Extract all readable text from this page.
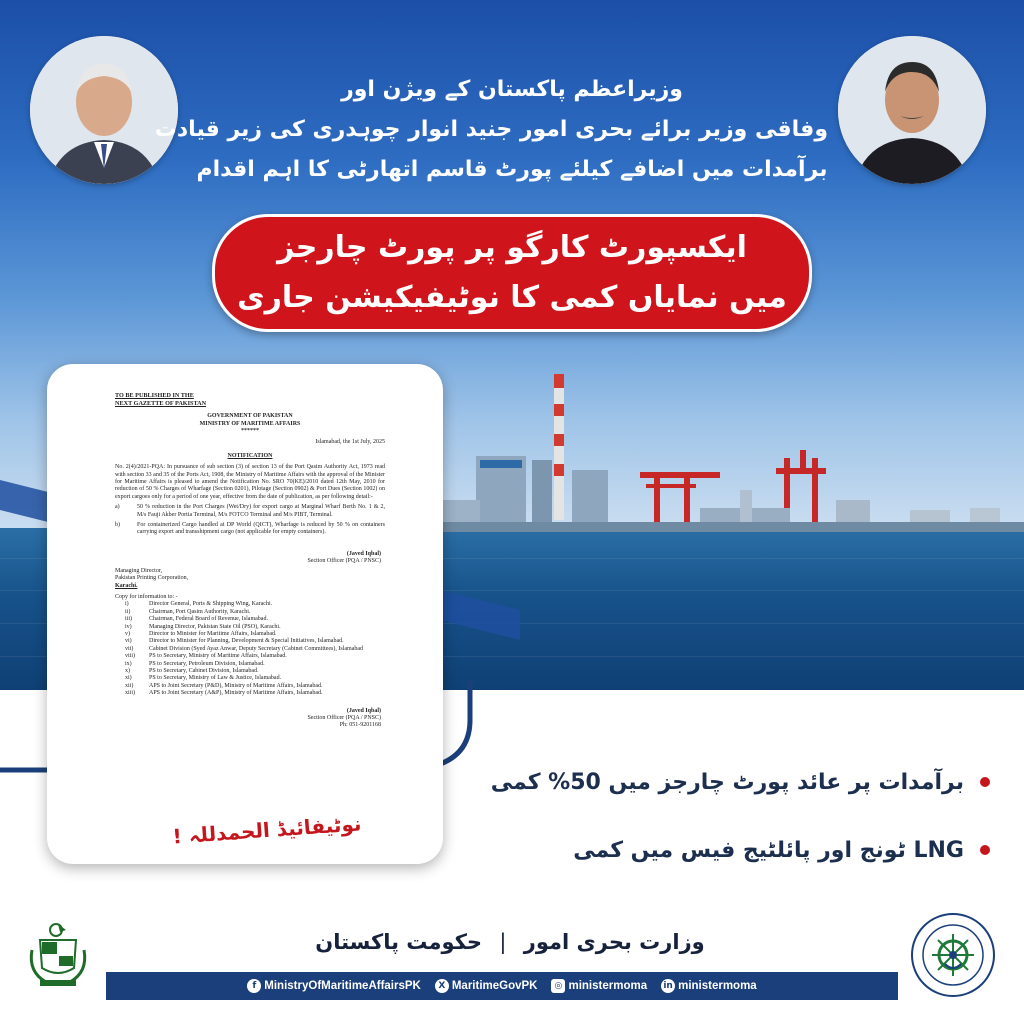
وزیراعظم پاکستان کے ویژن اور
وفاقی وزیر برائے بحری امور جنید انوار چوہدری کی زیر قیادت
برآمدات میں اضافے کیلئے پورٹ قاسم اتھارٹی کا اہم اقدام
ایکسپورٹ کارگو پر پورٹ چارجز
میں نمایاں کمی کا نوٹیفیکیشن جاری
TO BE PUBLISHED IN THE
NEXT GAZETTE OF PAKISTAN
GOVERNMENT OF PAKISTAN
MINISTRY OF MARITIME AFFAIRS
******
Islamabad, the 1st July, 2025
NOTIFICATION

No. 2(4)/2021-PQA: In pursuance of sub section (3) of section 13 of the Port Qasim Authority Act, 1973 read with section 33 and 35 of the Ports Act, 1908, the Ministry of Maritime Affairs with the approval of the Minister for Maritime Affairs is pleased to amend the Notification No. SRO 70(KE)/2010 dated 12th May, 2010 for reduction of 50 % Charges of Wharfage (Section 0201), Pilotage (Section 0902) & Port Dues (Section 1002) on export cargoes only for a period of one year, effective from the date of publication, as per following detail:-

a)	50 % reduction in the Port Charges (Wet/Dry) for export cargo at Marginal Wharf Berth No. 1 & 2, M/s Fauji Akber Portia Terminal, M/s FOTCO Terminal and M/s PIBT, Terminal.
b)	For containerized Cargo handled at DP World (QICT), Wharfage is reduced by 50 % on containers carrying export and transshipment cargo (not applicable for empty containers).
(Javed Iqbal)
Section Officer (PQA / PNSC)
Managing Director,
Pakistan Printing Corporation,
Karachi.
Copy for information to: -
i)	Director General, Ports & Shipping Wing, Karachi.
ii)	Chairman, Port Qasim Authority, Karachi.
iii)	Chairman, Federal Board of Revenue, Islamabad.
iv)	Managing Director, Pakistan State Oil (PSO), Karachi.
v)	Director to Minister for Maritime Affairs, Islamabad.
vi)	Director to Minister for Planning, Development & Special Initiatives, Islamabad.
vii)	Cabinet Division (Syed Ayaz Anwar, Deputy Secretary (Cabinet Committees), Islamabad
viii)	PS to Secretary, Ministry of Maritime Affairs, Islamabad.
ix)	PS to Secretary, Petroleum Division, Islamabad.
x)	PS to Secretary, Cabinet Division, Islamabad.
xi)	PS to Secretary, Ministry of Law & Justice, Islamabad.
xii)	APS to Joint Secretary (P&D), Ministry of Maritime Affairs, Islamabad.
xiii)	APS to Joint Secretary (A&P), Ministry of Maritime Affairs, Islamabad.
(Javed Iqbal)
Section Officer (PQA / PNSC)
Ph: 051-9201168
نوٹیفائیڈ الحمدللہ !
برآمدات پر عائد پورٹ چارجز میں 50% کمی
LNG ٹونج اور پائلٹیج فیس میں کمی
وزارت بحری امور | حکومت پاکستان
f MinistryOfMaritimeAffairsPK	X MaritimeGovPK	◎ ministermoma in ministermoma
